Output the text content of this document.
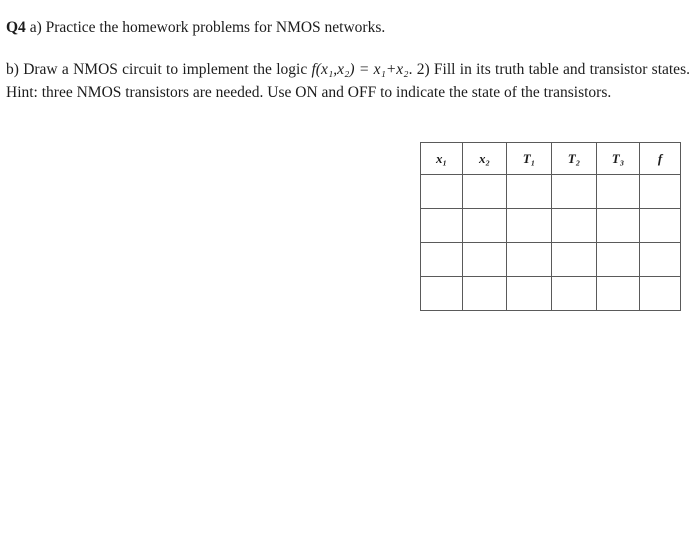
Q4 a) Practice the homework problems for NMOS networks.
b) Draw a NMOS circuit to implement the logic f(x₁,x₂) = x₁+x₂. 2) Fill in its truth table and transistor states. Hint: three NMOS transistors are needed. Use ON and OFF to indicate the state of the transistors.
x₁	x₂	T₁	T₂	T₃	f
